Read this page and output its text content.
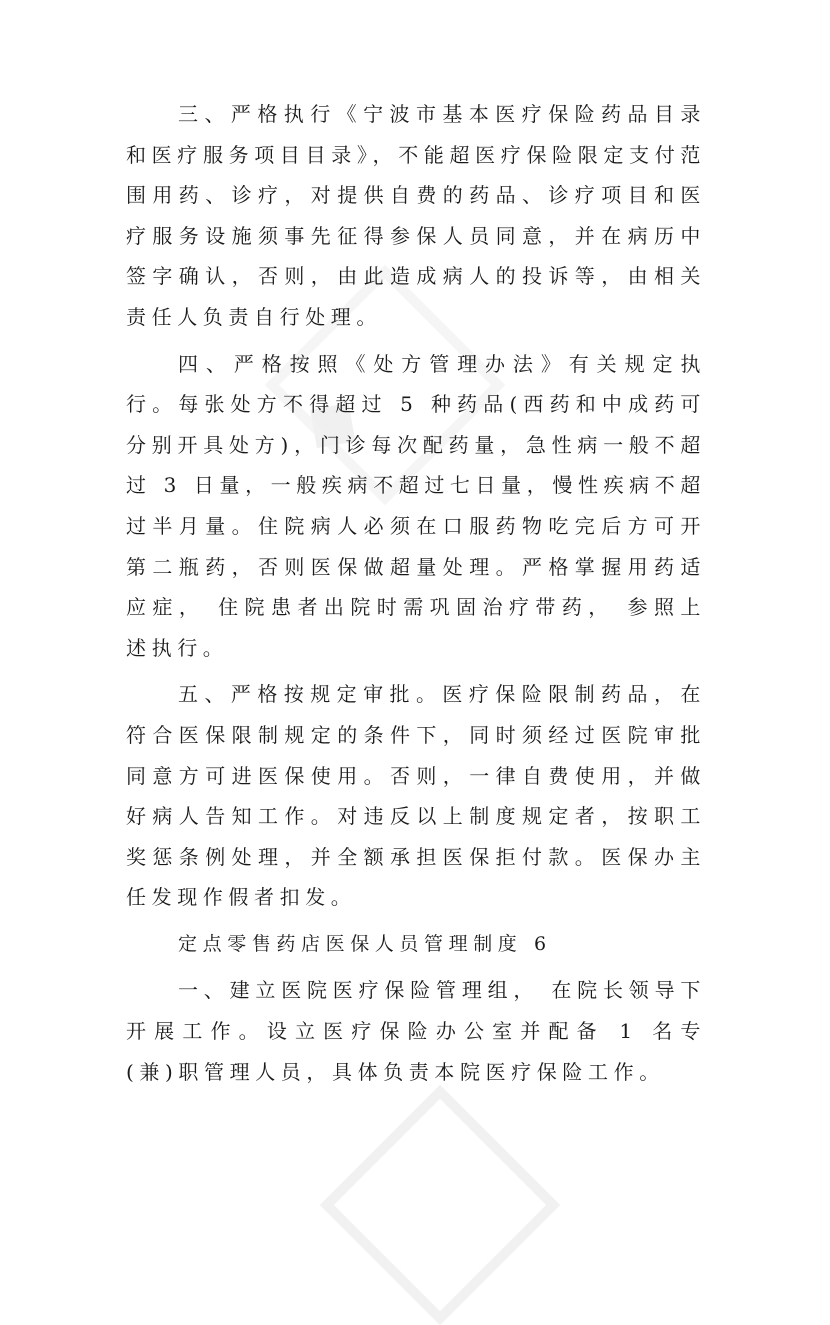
◆

三、严格执行《宁波市基本医疗保险药品目录和医疗服务项目目录》，不能超医疗保险限定支付范围用药、诊疗，对提供自费的药品、诊疗项目和医疗服务设施须事先征得参保人员同意，并在病历中签字确认，否则，由此造成病人的投诉等，由相关责任人负责自行处理。

四、严格按照《处方管理办法》有关规定执行。每张处方不得超过 5 种药品(西药和中成药可分别开具处方)，门诊每次配药量，急性病一般不超过 3 日量，一般疾病不超过七日量，慢性疾病不超过半月量。住院病人必须在口服药物吃完后方可开第二瓶药，否则医保做超量处理。严格掌握用药适应症， 住院患者出院时需巩固治疗带药， 参照上述执行。

五、严格按规定审批。医疗保险限制药品，在符合医保限制规定的条件下，同时须经过医院审批同意方可进医保使用。否则，一律自费使用，并做好病人告知工作。对违反以上制度规定者，按职工奖惩条例处理，并全额承担医保拒付款。医保办主任发现作假者扣发。

定点零售药店医保人员管理制度 6

一、建立医院医疗保险管理组， 在院长领导下开展工作。设立医疗保险办公室并配备 1 名专(兼)职管理人员，具体负责本院医疗保险工作。
